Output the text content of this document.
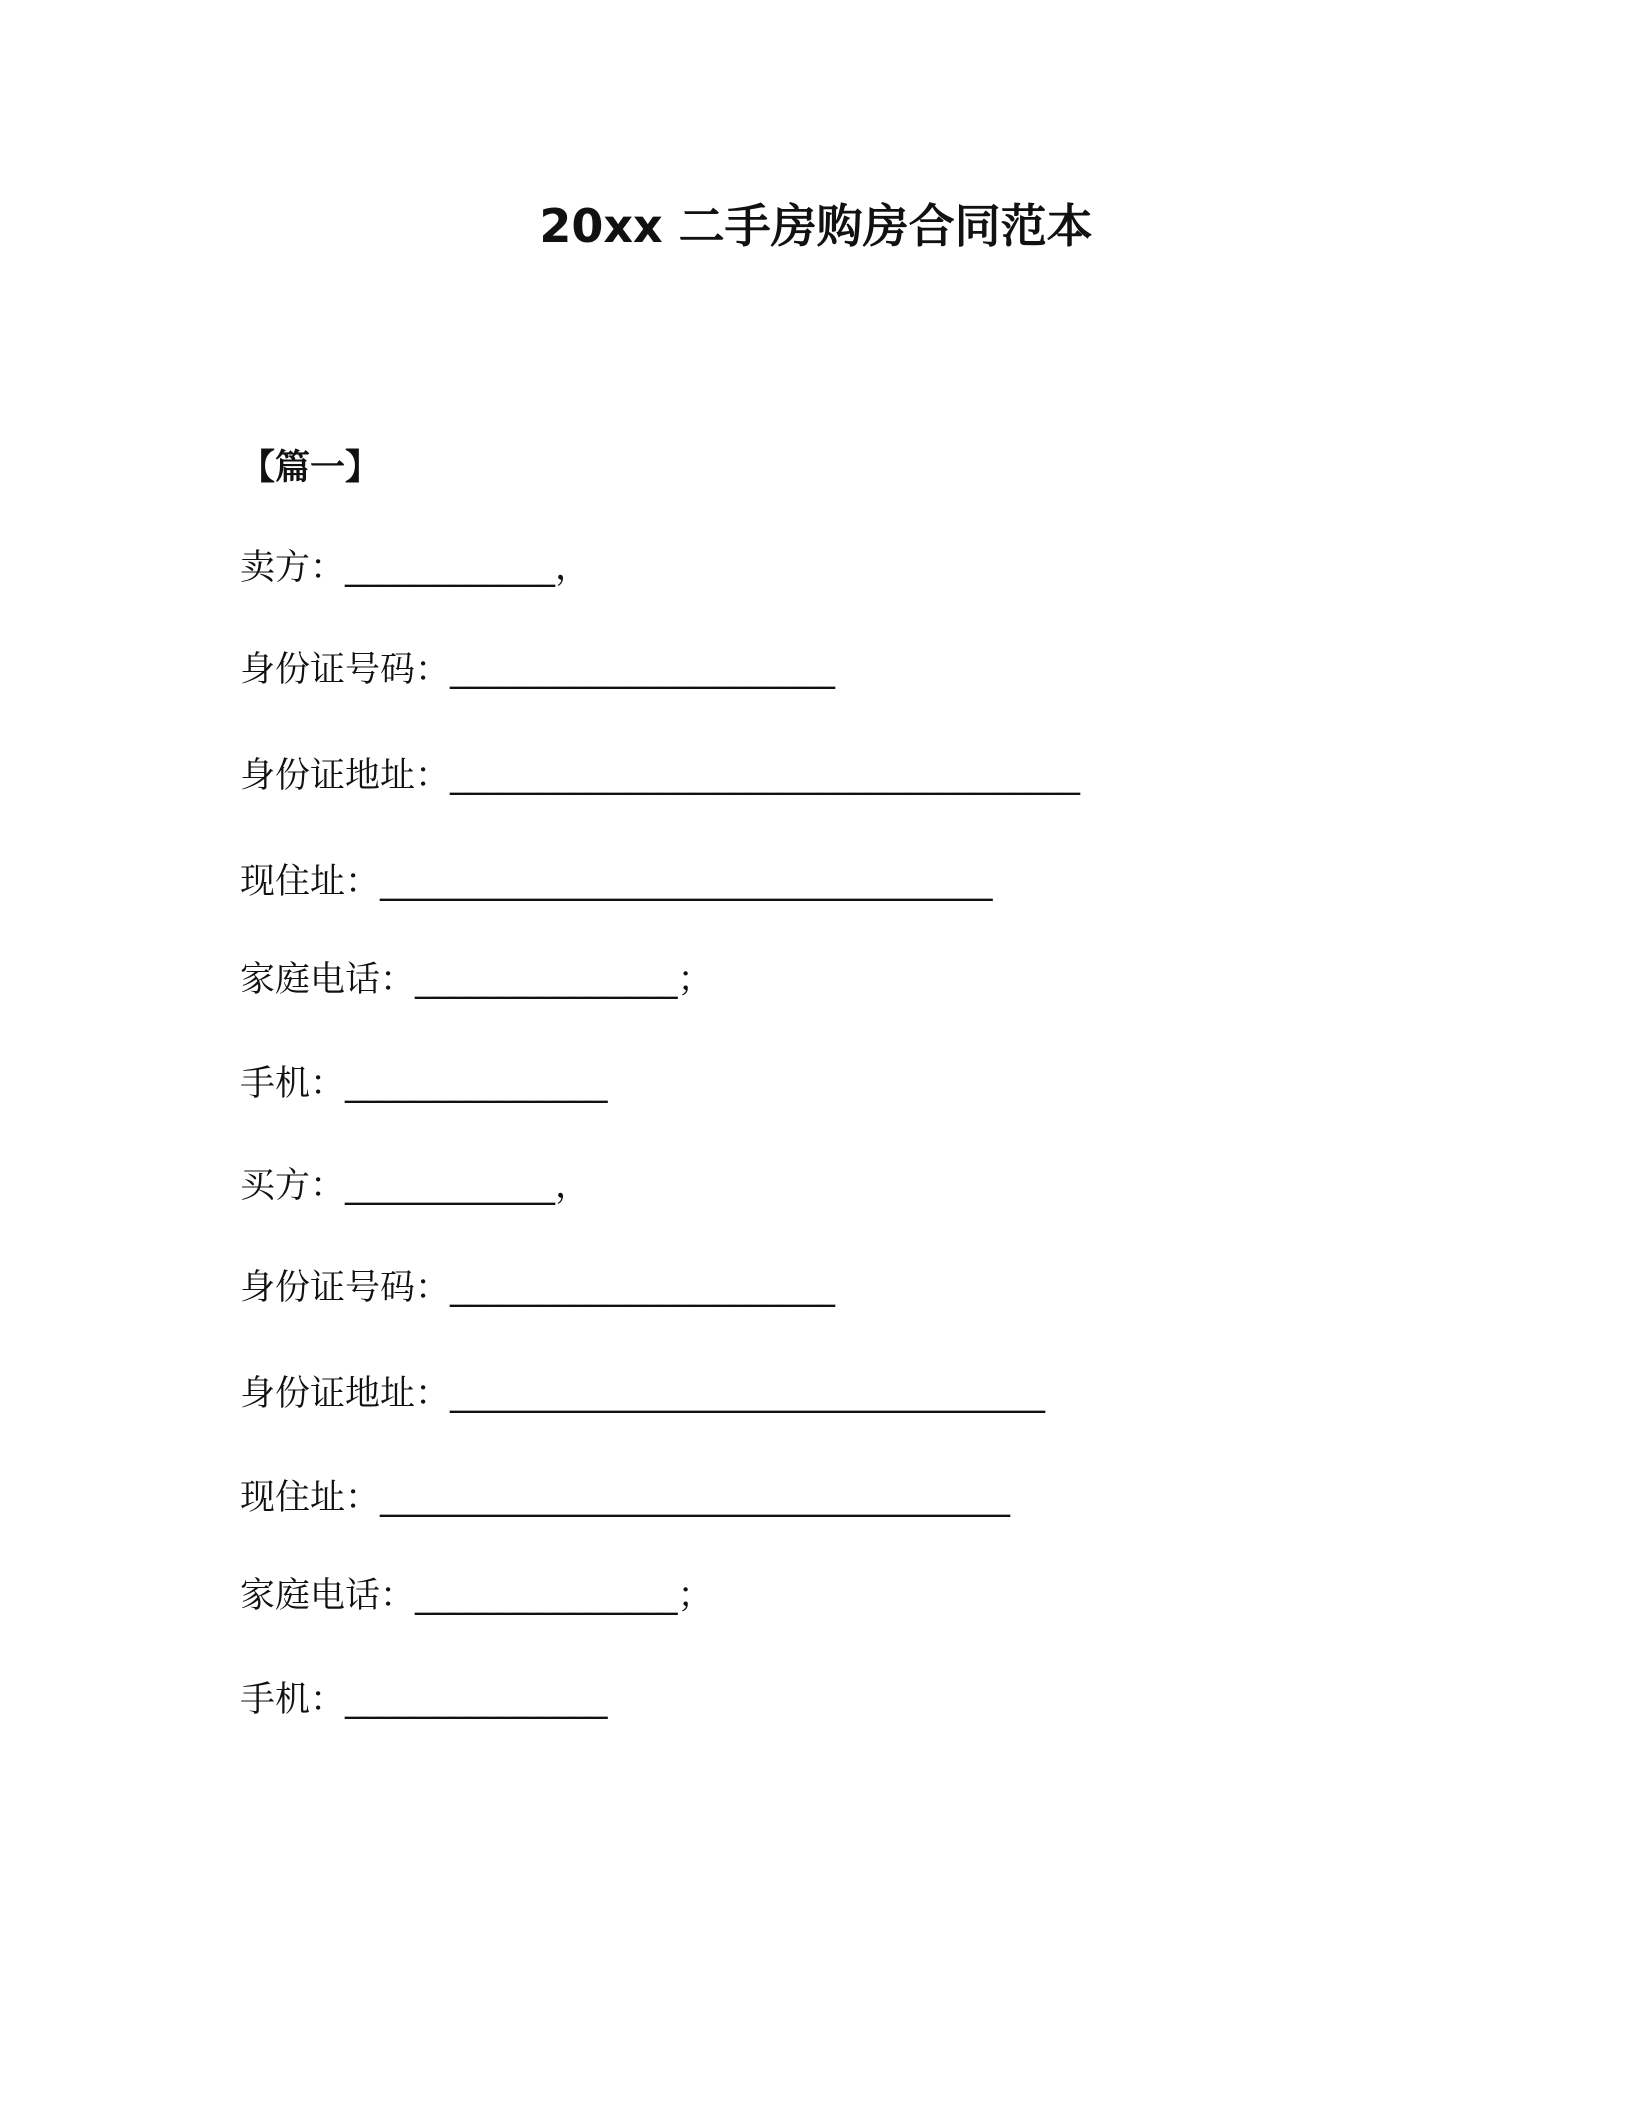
20xx 二手房购房合同范本
【篇一】
卖方：____________，
身份证号码：______________________
身份证地址：____________________________________
现住址：___________________________________
家庭电话：_______________；
手机：_______________
买方：____________，
身份证号码：______________________
身份证地址：__________________________________
现住址：____________________________________
家庭电话：_______________；
手机：_______________
